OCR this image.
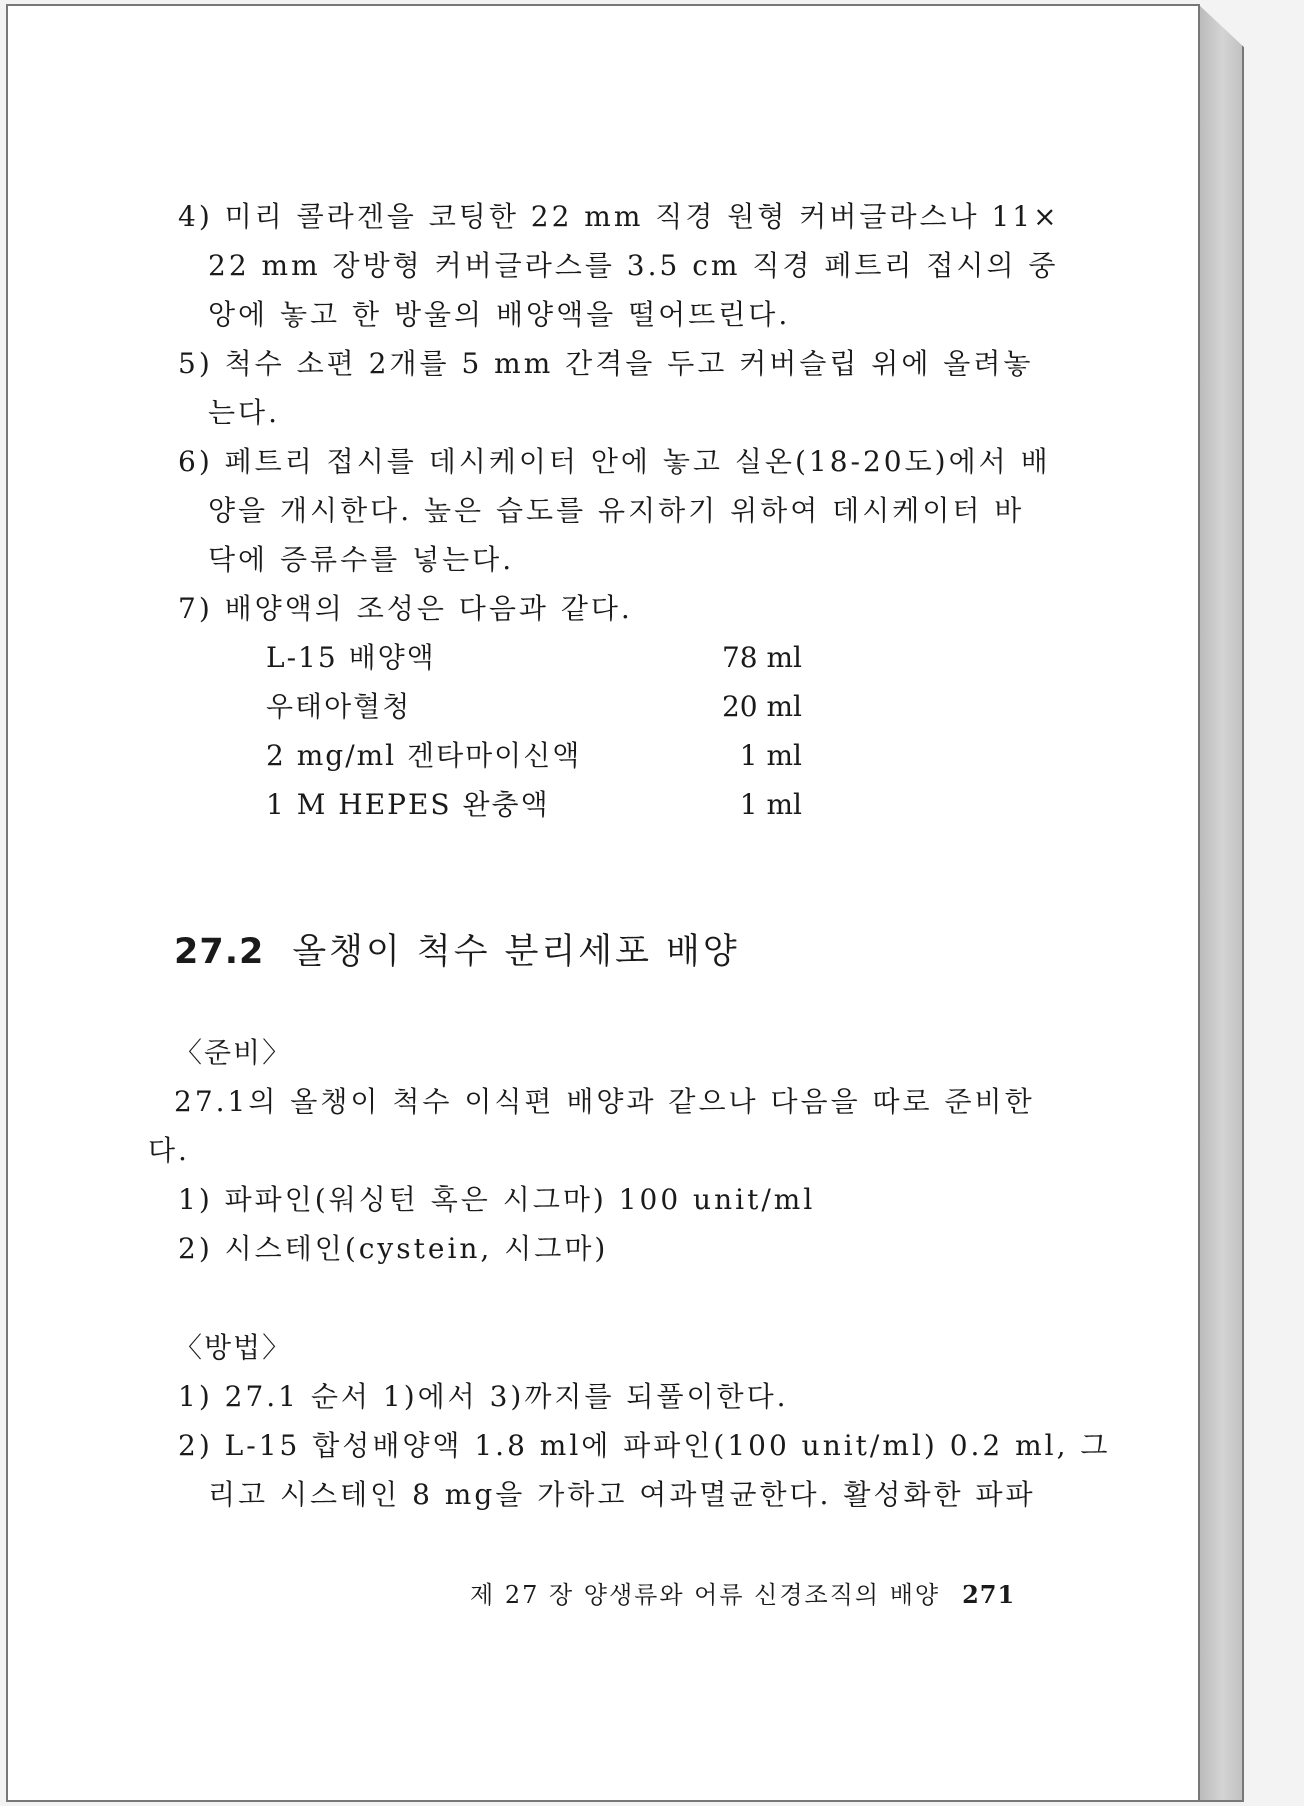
4) 미리 콜라겐을 코팅한 22 mm 직경 원형 커버글라스나 11×
22 mm 장방형 커버글라스를 3.5 cm 직경 페트리 접시의 중
앙에 놓고 한 방울의 배양액을 떨어뜨린다.
5) 척수 소편 2개를 5 mm 간격을 두고 커버슬립 위에 올려놓
는다.
6) 페트리 접시를 데시케이터 안에 놓고 실온(18-20도)에서 배
양을 개시한다. 높은 습도를 유지하기 위하여 데시케이터 바
닥에 증류수를 넣는다.
7) 배양액의 조성은 다음과 같다.
L-15 배양액	78 ml
우태아혈청	20 ml
2 mg/ml 겐타마이신액	1 ml
1 M HEPES 완충액	1 ml
27.2 올챙이 척수 분리세포 배양
〈준비〉
27.1의 올챙이 척수 이식편 배양과 같으나 다음을 따로 준비한
다.
1) 파파인(워싱턴 혹은 시그마) 100 unit/ml
2) 시스테인(cystein, 시그마)
〈방법〉
1) 27.1 순서 1)에서 3)까지를 되풀이한다.
2) L-15 합성배양액 1.8 ml에 파파인(100 unit/ml) 0.2 ml, 그
리고 시스테인 8 mg을 가하고 여과멸균한다. 활성화한 파파
제 27 장 양생류와 어류 신경조직의 배양 271
